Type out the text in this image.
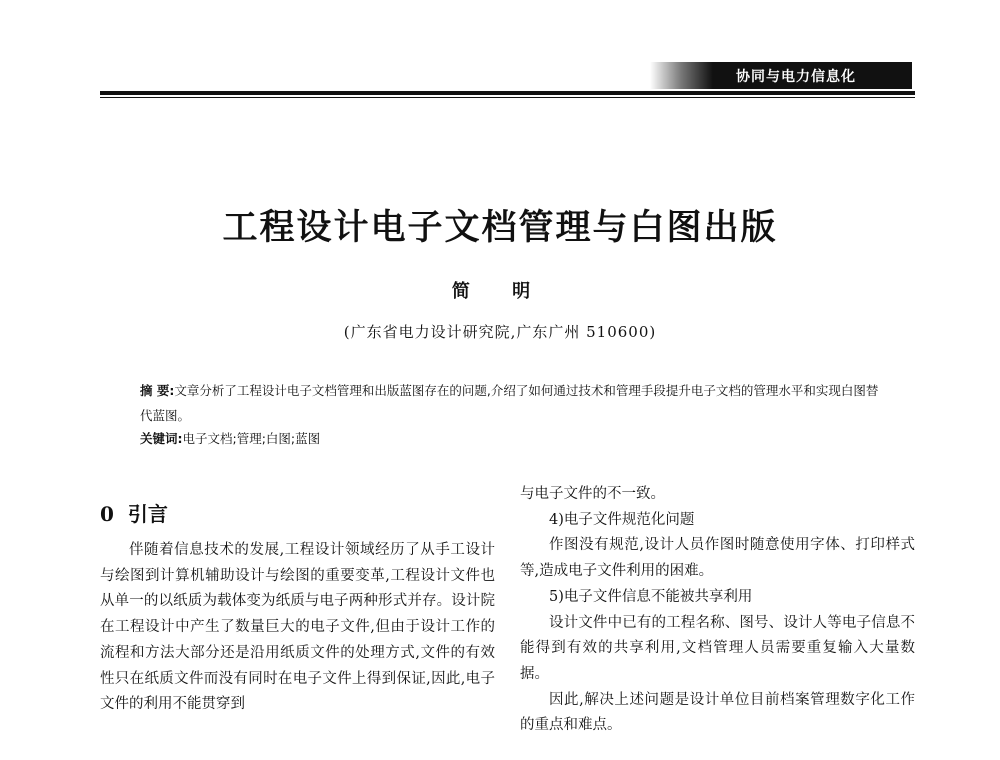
协同与电力信息化
工程设计电子文档管理与白图出版
简 明
(广东省电力设计研究院,广东广州 510600)
摘 要:文章分析了工程设计电子文档管理和出版蓝图存在的问题,介绍了如何通过技术和管理手段提升电子文档的管理水平和实现白图替代蓝图。
关键词:电子文档;管理;白图;蓝图
0 引言

伴随着信息技术的发展,工程设计领域经历了从手工设计与绘图到计算机辅助设计与绘图的重要变革,工程设计文件也从单一的以纸质为载体变为纸质与电子两种形式并存。设计院在工程设计中产生了数量巨大的电子文件,但由于设计工作的流程和方法大部分还是沿用纸质文件的处理方式,文件的有效性只在纸质文件而没有同时在电子文件上得到保证,因此,电子文件的利用不能贯穿到

与电子文件的不一致。

4)电子文件规范化问题

作图没有规范,设计人员作图时随意使用字体、打印样式等,造成电子文件利用的困难。

5)电子文件信息不能被共享利用

设计文件中已有的工程名称、图号、设计人等电子信息不能得到有效的共享利用,文档管理人员需要重复输入大量数据。

因此,解决上述问题是设计单位目前档案管理数字化工作的重点和难点。
